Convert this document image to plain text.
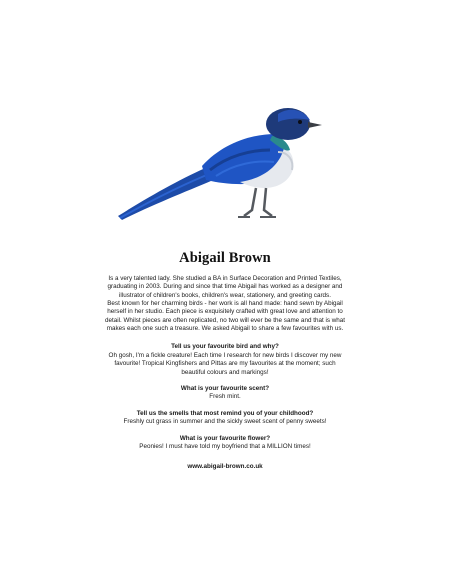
Abigail Brown
Is a very talented lady. She studied a BA in Surface Decoration and Printed Textiles,
graduating in 2003. During and since that time Abigail has worked as a designer and
illustrator of children's books, children's wear, stationery, and greeting cards.
Best known for her charming birds - her work is all hand made: hand sewn by Abigail
herself in her studio. Each piece is exquisitely crafted with great love and attention to
detail. Whilst pieces are often replicated, no two will ever be the same and that is what
makes each one such a treasure. We asked Abigail to share a few favourites with us.

Tell us your favourite bird and why?

Oh gosh, I'm a fickle creature! Each time I research for new birds I discover my new
favourite! Tropical Kingfishers and Pittas are my favourites at the moment; such
beautiful colours and markings!

What is your favourite scent?

Fresh mint.

Tell us the smells that most remind you of your childhood?

Freshly cut grass in summer and the sickly sweet scent of penny sweets!

What is your favourite flower?

Peonies! I must have told my boyfriend that a MILLION times!
www.abigail-brown.co.uk
